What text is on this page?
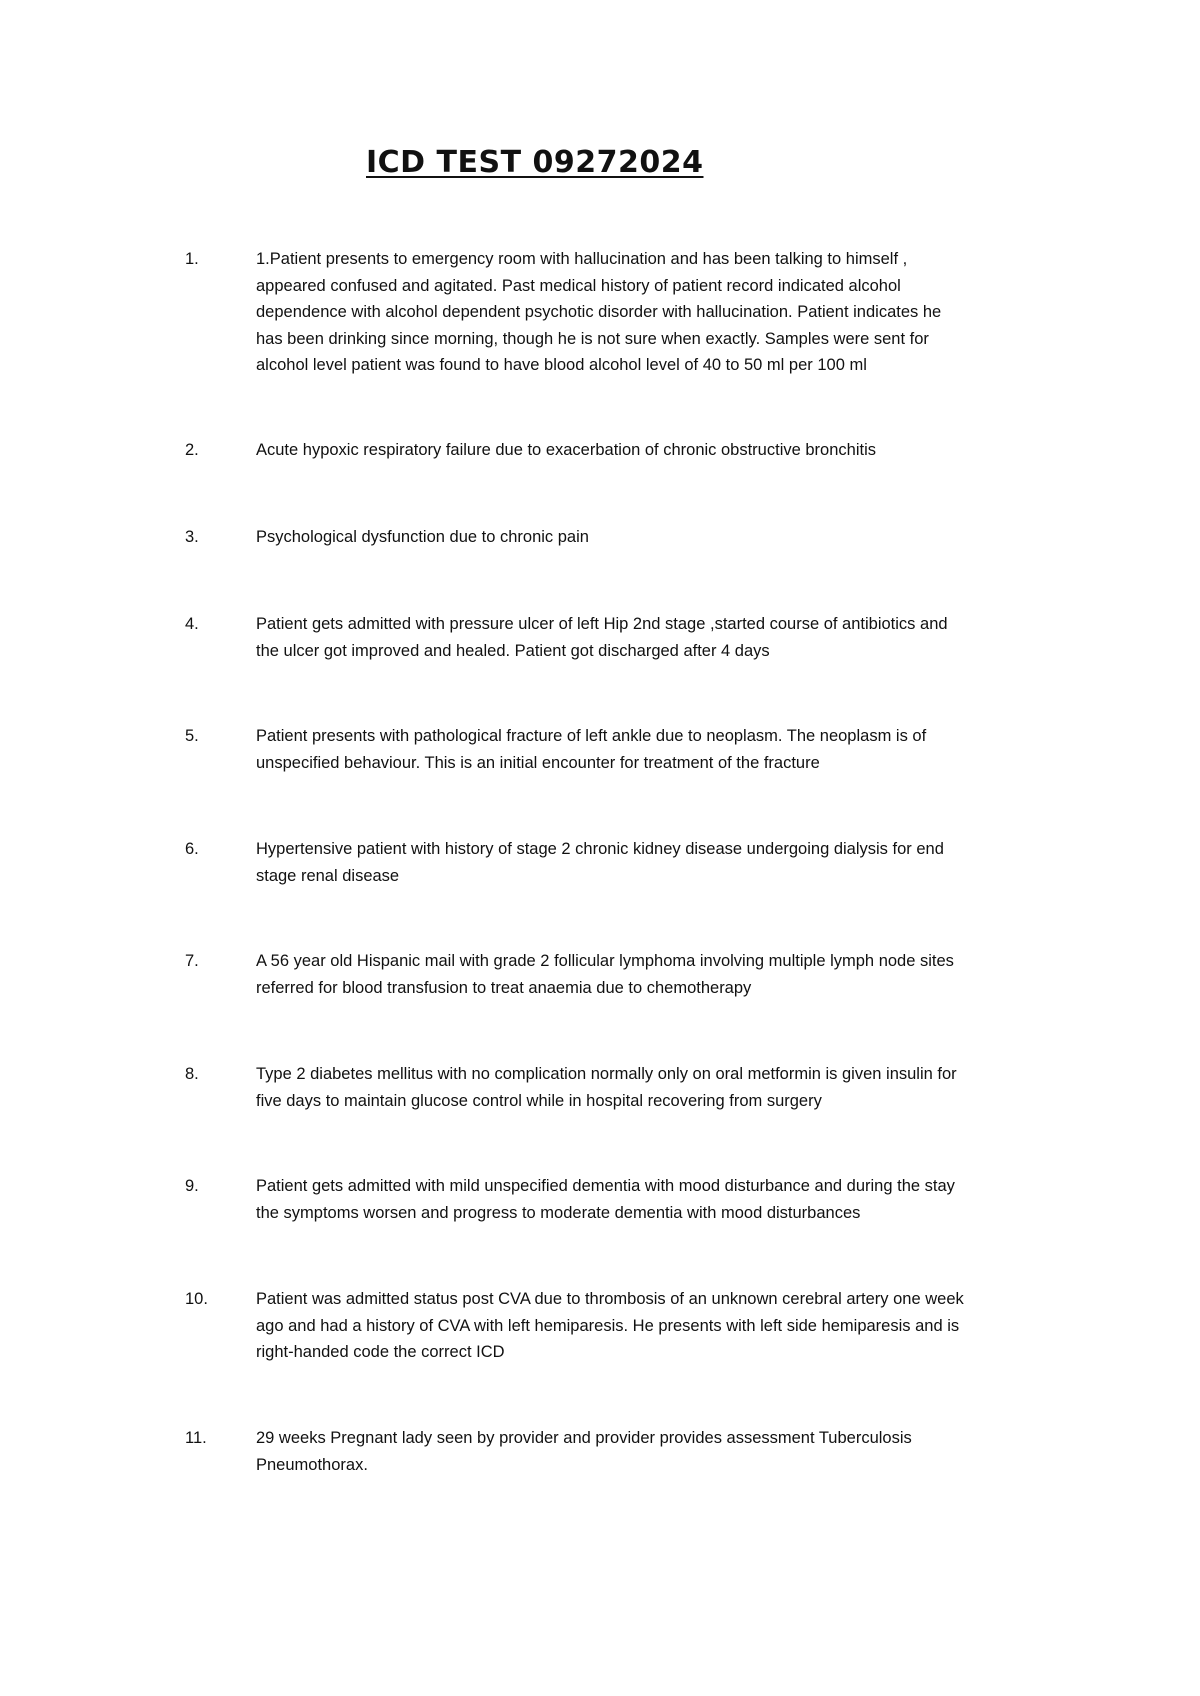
ICD TEST 09272024
1.	1.Patient presents to emergency room with hallucination and has been talking to himself ,
appeared confused and agitated. Past medical history of patient record indicated alcohol
dependence with alcohol dependent psychotic disorder with hallucination. Patient indicates he
has been drinking since morning, though he is not sure when exactly. Samples were sent for
alcohol level patient was found to have blood alcohol level of 40 to 50 ml per 100 ml
2.	Acute hypoxic respiratory failure due to exacerbation of chronic obstructive bronchitis
3.	Psychological dysfunction due to chronic pain
4.	Patient gets admitted with pressure ulcer of left Hip 2nd stage ,started course of antibiotics and
the ulcer got improved and healed. Patient got discharged after 4 days
5.	Patient presents with pathological fracture of left ankle due to neoplasm. The neoplasm is of
unspecified behaviour. This is an initial encounter for treatment of the fracture
6.	Hypertensive patient with history of stage 2 chronic kidney disease undergoing dialysis for end
stage renal disease
7.	A 56 year old Hispanic mail with grade 2 follicular lymphoma involving multiple lymph node sites
referred for blood transfusion to treat anaemia due to chemotherapy
8.	Type 2 diabetes mellitus with no complication normally only on oral metformin is given insulin for
five days to maintain glucose control while in hospital recovering from surgery
9.	Patient gets admitted with mild unspecified dementia with mood disturbance and during the stay
the symptoms worsen and progress to moderate dementia with mood disturbances
10.	Patient was admitted status post CVA due to thrombosis of an unknown cerebral artery one week
ago and had a history of CVA with left hemiparesis. He presents with left side hemiparesis and is
right-handed code the correct ICD
11.	29 weeks Pregnant lady seen by provider and provider provides assessment Tuberculosis
Pneumothorax.
